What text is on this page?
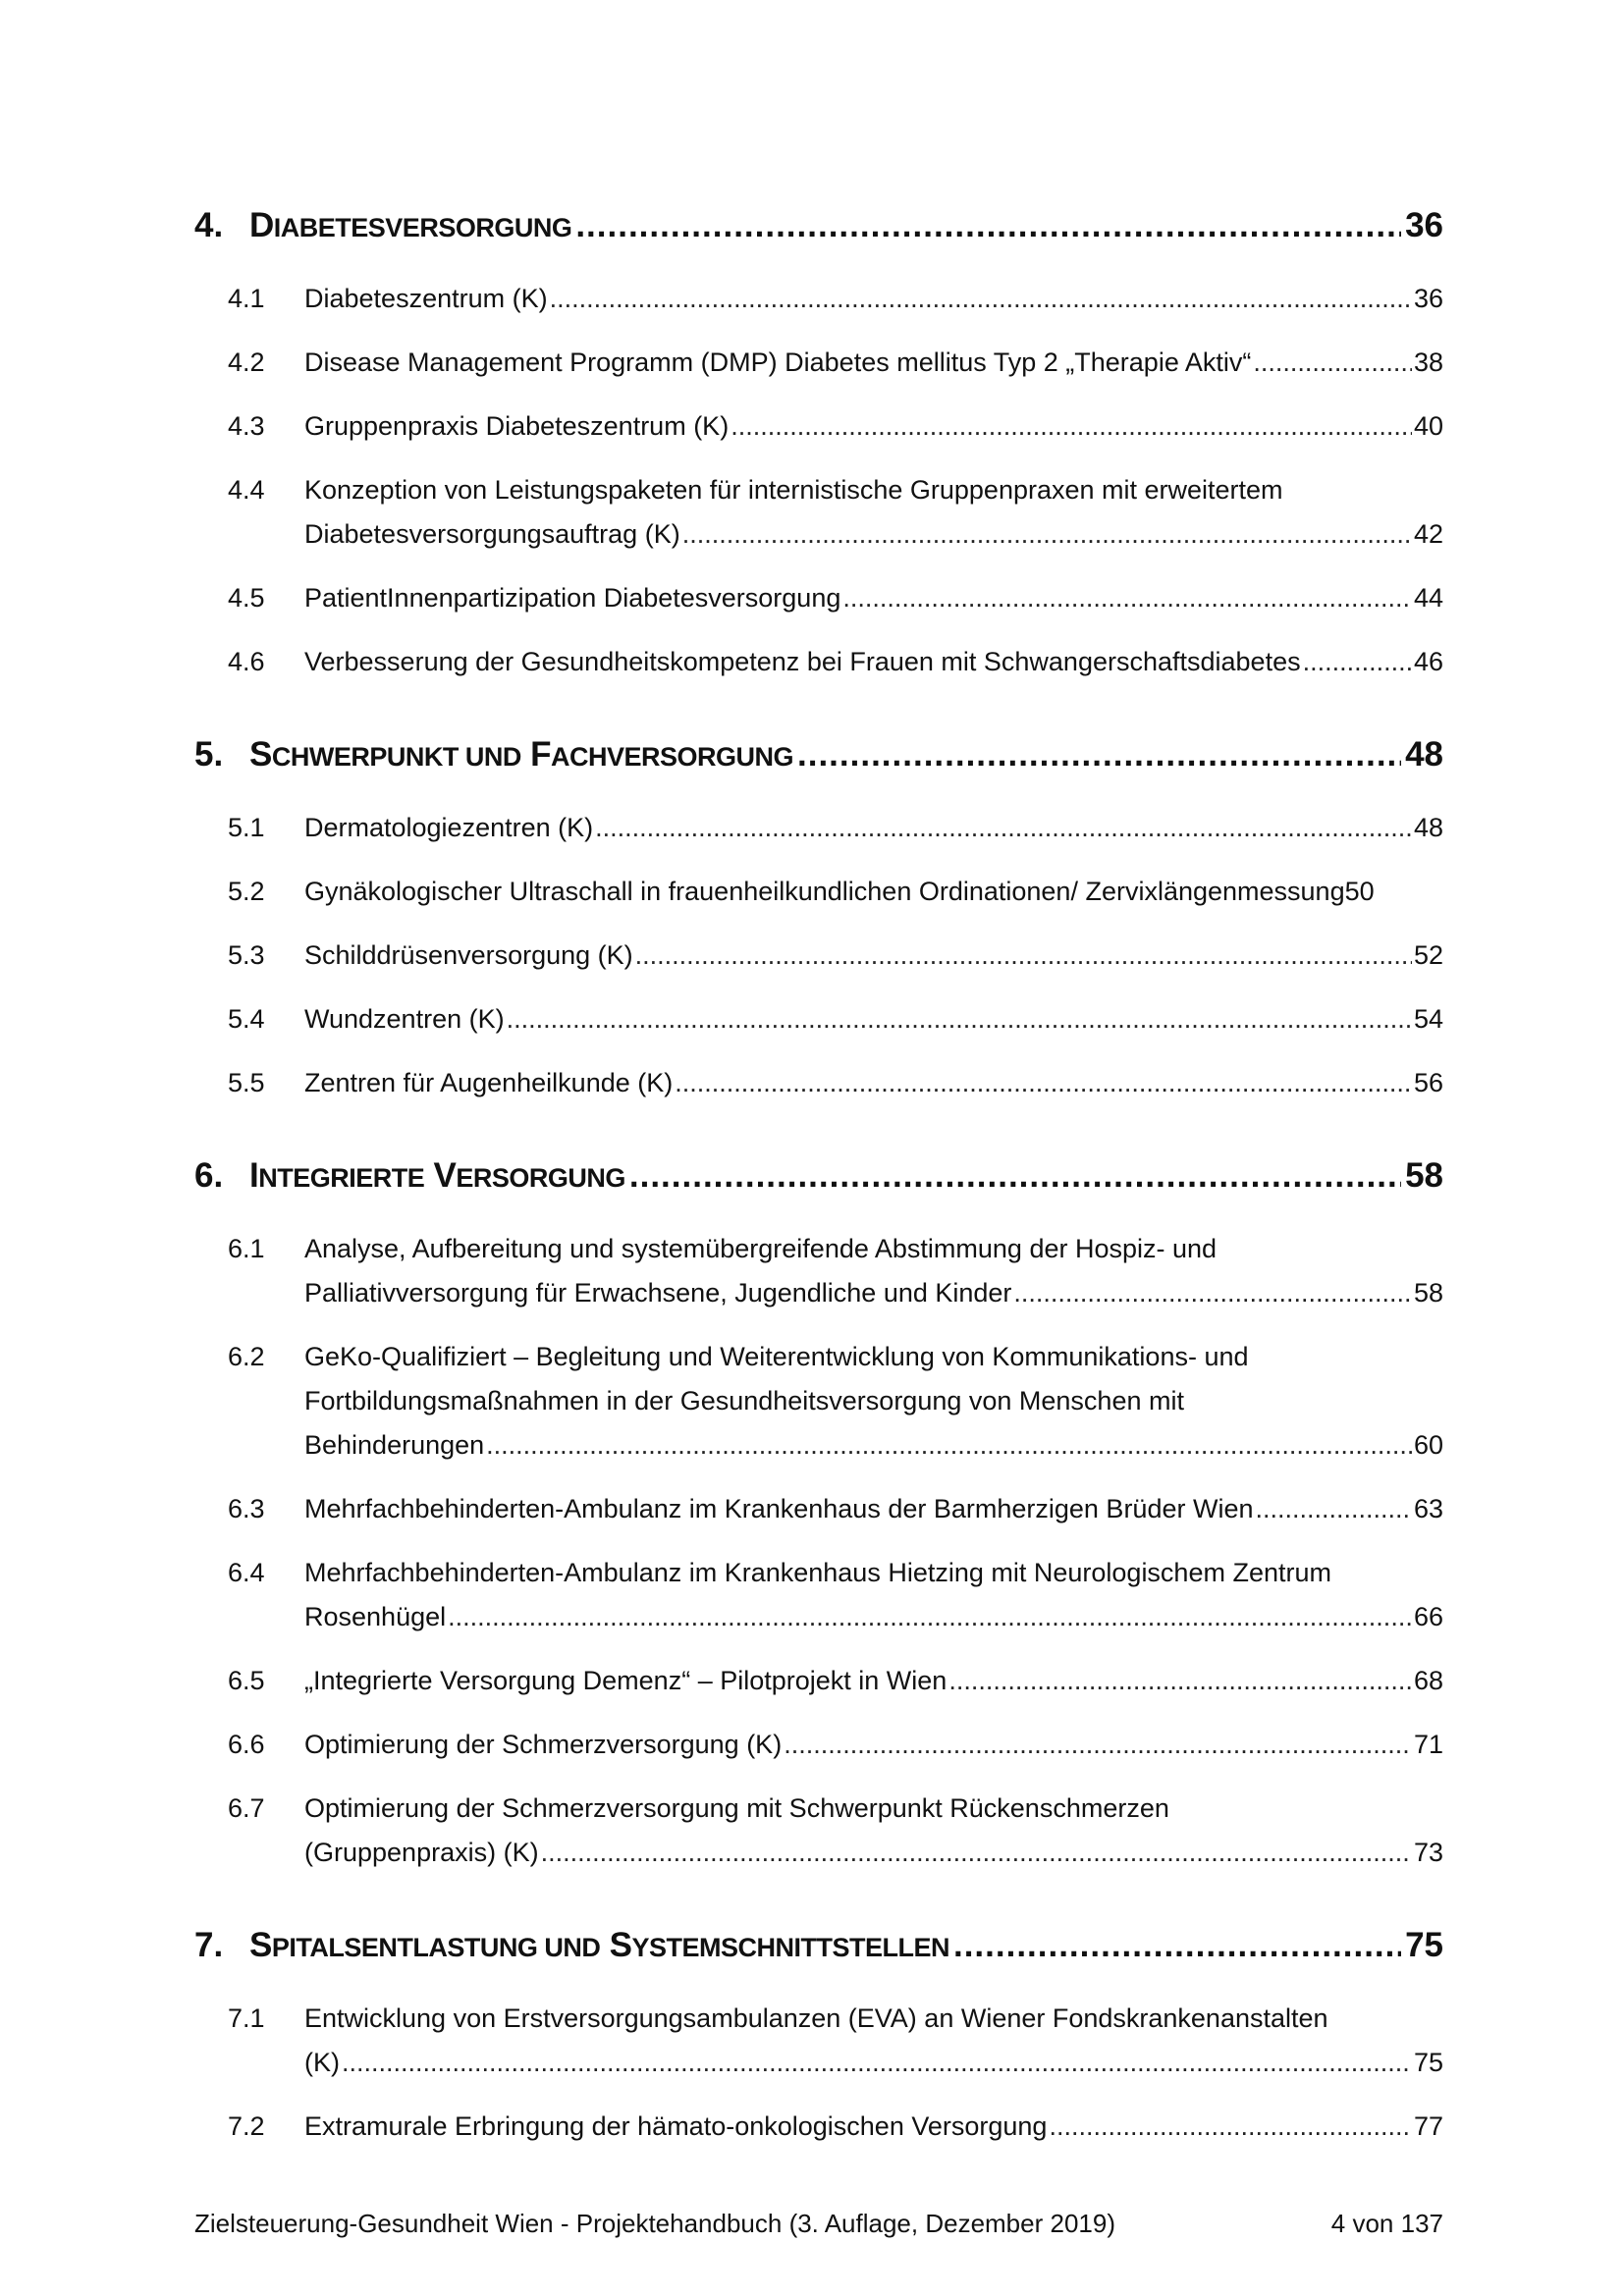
4. DIABETESVERSORGUNG .....	36
4.1	Diabeteszentrum (K) .....	36
4.2	Disease Management Programm (DMP) Diabetes mellitus Typ 2 „Therapie Aktiv“ .....	38
4.3	Gruppenpraxis Diabeteszentrum (K) .....	40
4.4	Konzeption von Leistungspaketen für internistische Gruppenpraxen mit erweitertem
Diabetesversorgungsauftrag (K) .....	42
4.5	PatientInnenpartizipation Diabetesversorgung .....	44
4.6	Verbesserung der Gesundheitskompetenz bei Frauen mit Schwangerschaftsdiabetes .....	46
5. SCHWERPUNKT UND FACHVERSORGUNG .....	48
5.1	Dermatologiezentren (K) .....	48
5.2	Gynäkologischer Ultraschall in frauenheilkundlichen Ordinationen/ Zervixlängenmessung 50
5.3	Schilddrüsenversorgung (K) .....	52
5.4	Wundzentren (K) .....	54
5.5	Zentren für Augenheilkunde (K) .....	56
6. INTEGRIERTE VERSORGUNG .....	58
6.1	Analyse, Aufbereitung und systemübergreifende Abstimmung der Hospiz- und
Palliativversorgung für Erwachsene, Jugendliche und Kinder .....	58
6.2	GeKo-Qualifiziert – Begleitung und Weiterentwicklung von Kommunikations- und
Fortbildungsmaßnahmen in der Gesundheitsversorgung von Menschen mit
Behinderungen .....	60
6.3	Mehrfachbehinderten-Ambulanz im Krankenhaus der Barmherzigen Brüder Wien .....	63
6.4	Mehrfachbehinderten-Ambulanz im Krankenhaus Hietzing mit Neurologischem Zentrum
Rosenhügel .....	66
6.5	„Integrierte Versorgung Demenz“ – Pilotprojekt in Wien .....	68
6.6	Optimierung der Schmerzversorgung (K) .....	71
6.7	Optimierung der Schmerzversorgung mit Schwerpunkt Rückenschmerzen
(Gruppenpraxis) (K) .....	73
7. SPITALSENTLASTUNG UND SYSTEMSCHNITTSTELLEN .....	75
7.1	Entwicklung von Erstversorgungsambulanzen (EVA) an Wiener Fondskrankenanstalten
(K) .....	75
7.2	Extramurale Erbringung der hämato-onkologischen Versorgung .....	77
Zielsteuerung-Gesundheit Wien - Projektehandbuch (3. Auflage, Dezember 2019)	4 von 137
